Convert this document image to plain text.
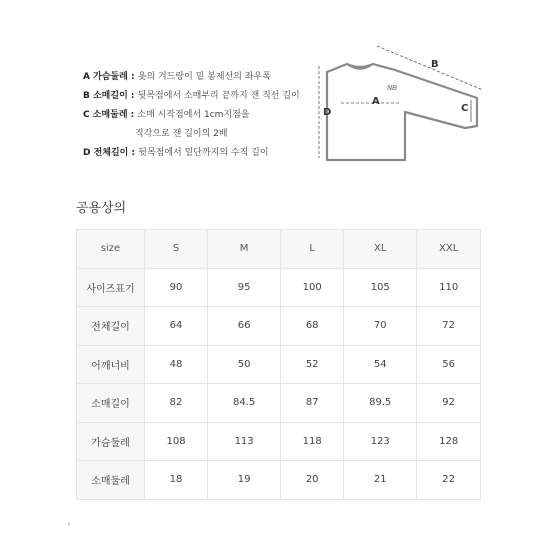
A 가슴둘레 : 옷의 겨드랑이 밑 봉제선의 좌우폭
B 소매길이 : 뒷목점에서 소매부리 끝까지 잰 직선 길이
C 소매둘레 : 소매 시작점에서 1cm지점을
직각으로 잰 길이의 2배
D 전체길이 : 뒷목점에서 밑단까지의 수직 길이
NB
B
A
D	C
공용상의
size	S	M	L	XL	XXL
사이즈표기	90	95	100	105	110
전체길이	64	66	68	70	72
어깨너비	48	50	52	54	56
소매길이	82	84.5	87	89.5	92
가슴둘레	108	113	118	123	128
소매둘레	18	19	20	21	22
